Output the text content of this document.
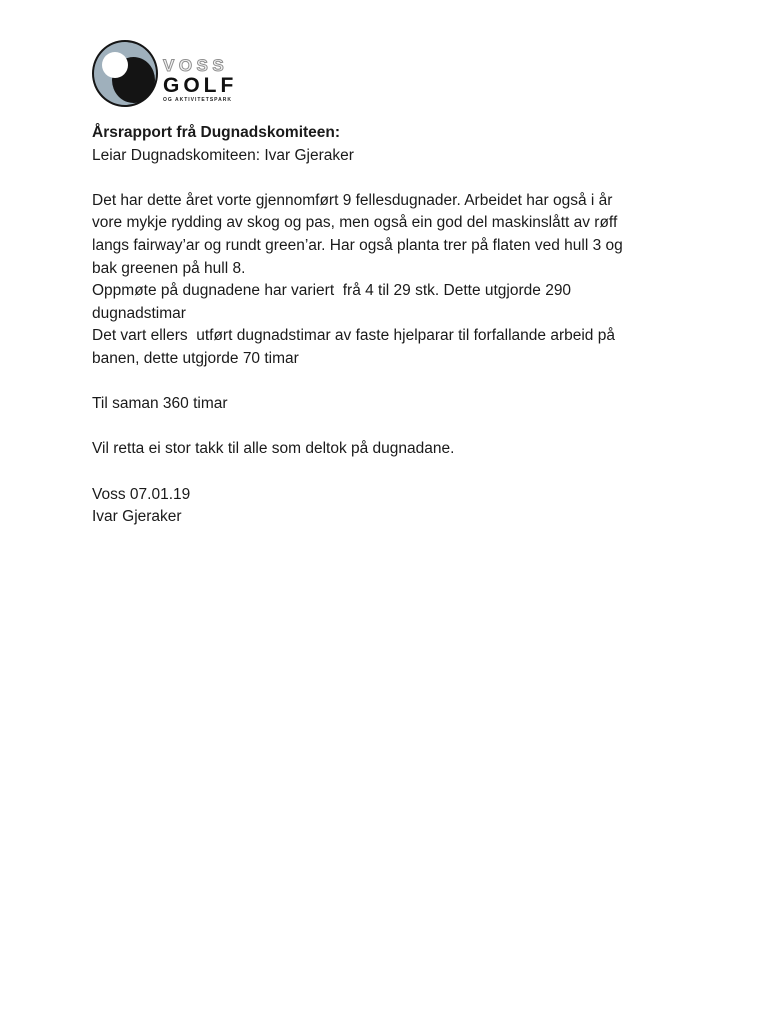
VOSS
GOLF
OG AKTIVITETSPARK
Årsrapport frå Dugnadskomiteen:
Leiar Dugnadskomiteen: Ivar Gjeraker
Det har dette året vorte gjennomført 9 fellesdugnader. Arbeidet har også i år
vore mykje rydding av skog og pas, men også ein god del maskinslått av røff
langs fairway’ar og rundt green’ar. Har også planta trer på flaten ved hull 3 og
bak greenen på hull 8.
Oppmøte på dugnadene har variert  frå 4 til 29 stk. Dette utgjorde 290
dugnadstimar
Det vart ellers  utført dugnadstimar av faste hjelparar til forfallande arbeid på
banen, dette utgjorde 70 timar
Til saman 360 timar
Vil retta ei stor takk til alle som deltok på dugnadane.
Voss 07.01.19
Ivar Gjeraker
